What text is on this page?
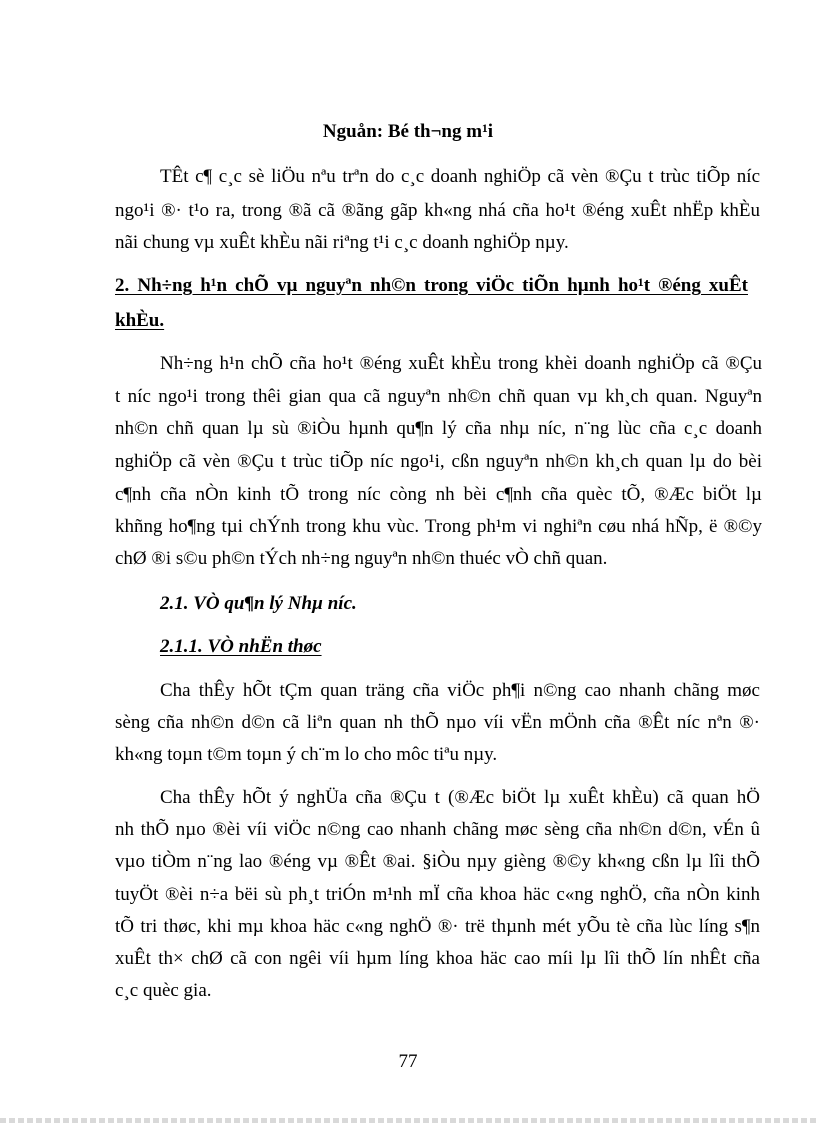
Nguån: Bé th¬ng m¹i
TÊt c¶ c¸c sè liÖu nªu trªn do c¸c doanh nghiÖp cã vèn ®Çu t trùc tiÕp níc
ngo¹i ®· t¹o ra, trong ®ã cã ®ãng gãp kh«ng nhá cña ho¹t ®éng xuÊt nhËp khÈu
nãi chung vµ xuÊt khÈu nãi riªng t¹i c¸c doanh nghiÖp nµy.
2. Nh÷ng h¹n chÕ vµ nguyªn nh©n trong viÖc tiÕn hµnh ho¹t ®éng xuÊt
khÈu.
Nh÷ng h¹n chÕ cña ho¹t ®éng xuÊt khÈu trong khèi doanh nghiÖp cã ®Çu
t níc ngo¹i trong thêi gian qua cã nguyªn nh©n chñ quan vµ kh¸ch quan. Nguyªn
nh©n chñ quan lµ sù ®iÒu hµnh qu¶n lý cña nhµ níc, n¨ng lùc cña c¸c doanh
nghiÖp cã vèn ®Çu t trùc tiÕp níc ngo¹i, cßn nguyªn nh©n kh¸ch quan lµ do bèi
c¶nh cña nÒn kinh tÕ trong níc còng nh bèi c¶nh cña quèc tÕ, ®Æc biÖt lµ
khñng ho¶ng tµi chÝnh trong khu vùc. Trong ph¹m vi nghiªn cøu nhá hÑp, ë ®©y
chØ ®i s©u ph©n tÝch nh÷ng nguyªn nh©n thuéc vÒ chñ quan.
2.1. VÒ qu¶n lý Nhµ níc.
2.1.1. VÒ nhËn thøc
Cha thÊy hÕt tÇm quan träng cña viÖc ph¶i n©ng cao nhanh chãng møc
sèng cña nh©n d©n cã liªn quan nh thÕ nµo víi vËn mÖnh cña ®Êt níc nªn ®·
kh«ng toµn t©m toµn ý ch¨m lo cho môc tiªu nµy.
Cha thÊy hÕt ý nghÜa cña ®Çu t (®Æc biÖt lµ xuÊt khÈu) cã quan hÖ
nh thÕ nµo ®èi víi viÖc n©ng cao nhanh chãng møc sèng cña nh©n d©n, vÉn û
vµo tiÒm n¨ng lao ®éng vµ ®Êt ®ai. §iÒu nµy gièng ®©y kh«ng cßn lµ lîi thÕ
tuyÖt ®èi n÷a bëi sù ph¸t triÓn m¹nh mÏ cña khoa häc c«ng nghÖ, cña nÒn kinh
tÕ tri thøc, khi mµ khoa häc c«ng nghÖ ®· trë thµnh mét yÕu tè cña lùc líng s¶n
xuÊt th× chØ cã con ngêi víi hµm líng khoa häc cao míi lµ lîi thÕ lín nhÊt cña
c¸c quèc gia.
77
